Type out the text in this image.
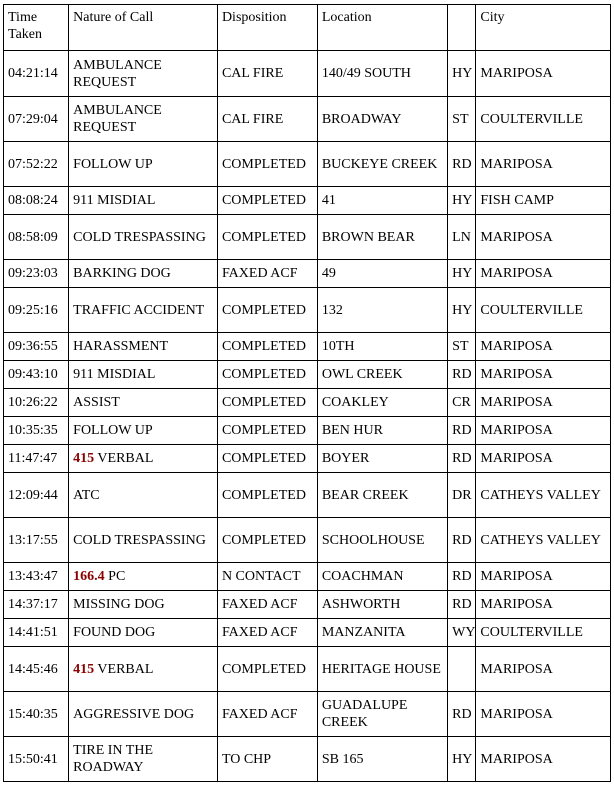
Time Taken	Nature of Call	Disposition	Location		City
04:21:14	AMBULANCE REQUEST	CAL FIRE	140/49 SOUTH	HY	MARIPOSA
07:29:04	AMBULANCE REQUEST	CAL FIRE	BROADWAY	ST	COULTERVILLE
07:52:22	FOLLOW UP	COMPLETED	BUCKEYE CREEK	RD	MARIPOSA
08:08:24	911 MISDIAL	COMPLETED	41	HY	FISH CAMP
08:58:09	COLD TRESPASSING	COMPLETED	BROWN BEAR	LN	MARIPOSA
09:23:03	BARKING DOG	FAXED ACF	49	HY	MARIPOSA
09:25:16	TRAFFIC ACCIDENT	COMPLETED	132	HY	COULTERVILLE
09:36:55	HARASSMENT	COMPLETED	10TH	ST	MARIPOSA
09:43:10	911 MISDIAL	COMPLETED	OWL CREEK	RD	MARIPOSA
10:26:22	ASSIST	COMPLETED	COAKLEY	CR	MARIPOSA
10:35:35	FOLLOW UP	COMPLETED	BEN HUR	RD	MARIPOSA
11:47:47	415 VERBAL	COMPLETED	BOYER	RD	MARIPOSA
12:09:44	ATC	COMPLETED	BEAR CREEK	DR	CATHEYS VALLEY
13:17:55	COLD TRESPASSING	COMPLETED	SCHOOLHOUSE	RD	CATHEYS VALLEY
13:43:47	166.4 PC	N CONTACT	COACHMAN	RD	MARIPOSA
14:37:17	MISSING DOG	FAXED ACF	ASHWORTH	RD	MARIPOSA
14:41:51	FOUND DOG	FAXED ACF	MANZANITA	WY	COULTERVILLE
14:45:46	415 VERBAL	COMPLETED	HERITAGE HOUSE		MARIPOSA
15:40:35	AGGRESSIVE DOG	FAXED ACF	GUADALUPE CREEK	RD	MARIPOSA
15:50:41	TIRE IN THE ROADWAY	TO CHP	SB 165	HY	MARIPOSA
